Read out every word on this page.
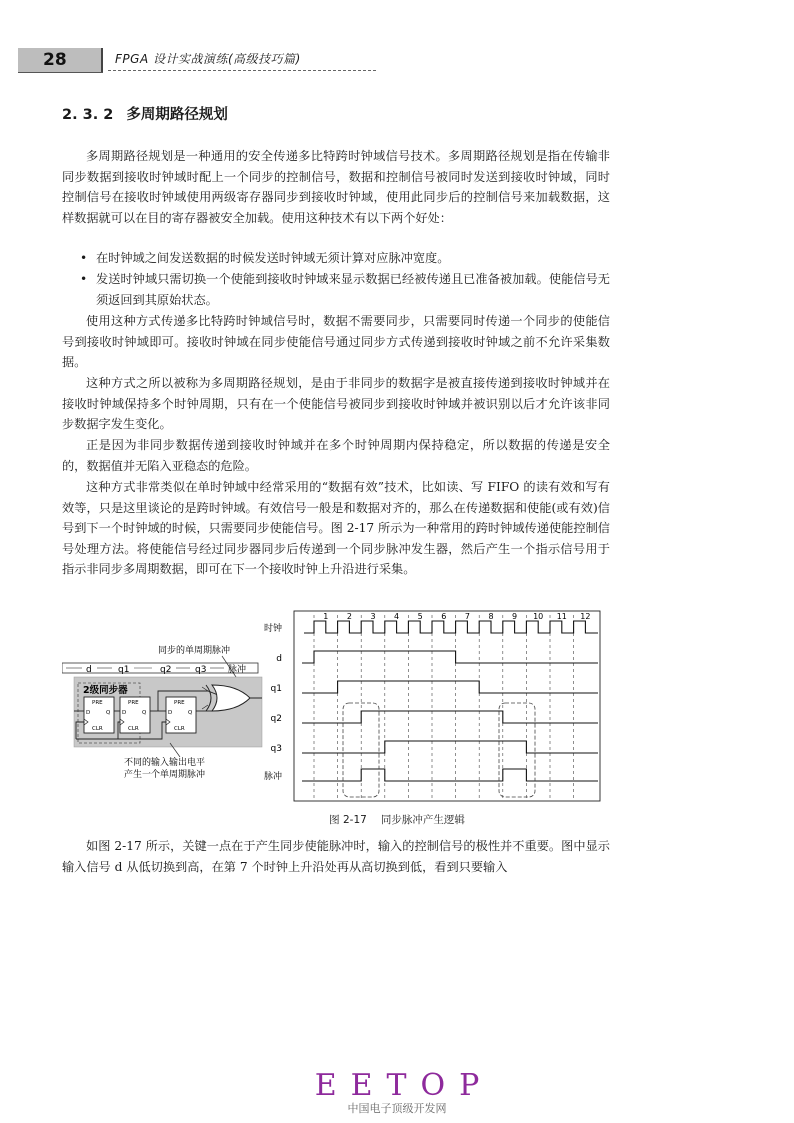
28	FPGA 设计实战演练(高级技巧篇)
2. 3. 2 多周期路径规划

多周期路径规划是一种通用的安全传递多比特跨时钟域信号技术。多周期路径规划是指在传输非同步数据到接收时钟域时配上一个同步的控制信号，数据和控制信号被同时发送到接收时钟域，同时控制信号在接收时钟域使用两级寄存器同步到接收时钟域，使用此同步后的控制信号来加载数据，这样数据就可以在目的寄存器被安全加载。使用这种技术有以下两个好处：

• 在时钟域之间发送数据的时候发送时钟域无须计算对应脉冲宽度。
• 发送时钟域只需切换一个使能到接收时钟域来显示数据已经被传递且已准备被加载。使能信号无须返回到其原始状态。

使用这种方式传递多比特跨时钟域信号时，数据不需要同步，只需要同时传递一个同步的使能信号到接收时钟域即可。接收时钟域在同步使能信号通过同步方式传递到接收时钟域之前不允许采集数据。

这种方式之所以被称为多周期路径规划，是由于非同步的数据字是被直接传递到接收时钟域并在接收时钟域保持多个时钟周期，只有在一个使能信号被同步到接收时钟域并被识别以后才允许该非同步数据字发生变化。

正是因为非同步数据传递到接收时钟域并在多个时钟周期内保持稳定，所以数据的传递是安全的，数据值并无陷入亚稳态的危险。

这种方式非常类似在单时钟域中经常采用的“数据有效”技术，比如读、写 FIFO 的读有效和写有效等，只是这里谈论的是跨时钟域。有效信号一般是和数据对齐的，那么在传递数据和使能(或有效)信号到下一个时钟域的时候，只需要同步使能信号。图 2-17 所示为一种常用的跨时钟域传递使能控制信号处理方法。将使能信号经过同步器同步后传递到一个同步脉冲发生器，然后产生一个指示信号用于指示非同步多周期数据，即可在下一个接收时钟上升沿进行采集。

d	q1	q2	q3 脉冲
同步的单周期脉冲
2级同步器
PRE
D	Q
CLR
PRE
D	Q
CLR
PRE
D	Q
CLR
不同的输入输出电平
产生一个单周期脉冲
1 2 3 4 5 6 7 8 9 10 11 12
时钟
d
q1
q2
q3
脉冲
图 2-17 同步脉冲产生逻辑

如图 2-17 所示，关键一点在于产生同步使能脉冲时，输入的控制信号的极性并不重要。图中显示输入信号 d 从低切换到高，在第 7 个时钟上升沿处再从高切换到低，看到只要输入

EETOP
中国电子顶级开发网
